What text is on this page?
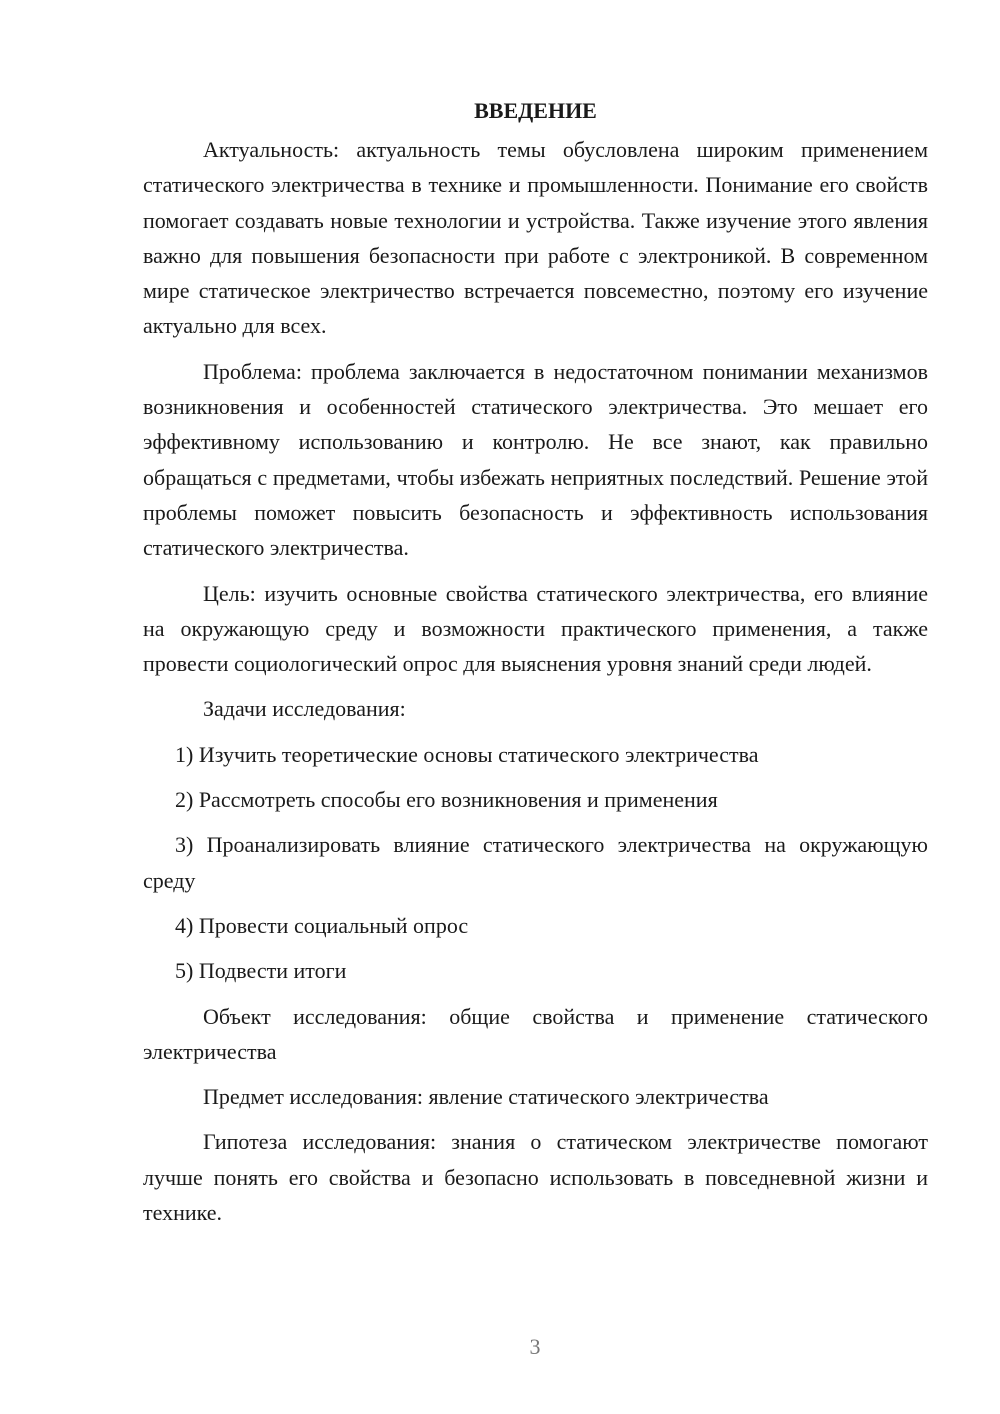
ВВЕДЕНИЕ

Актуальность: актуальность темы обусловлена широким применением статического электричества в технике и промышленности. Понимание его свойств помогает создавать новые технологии и устройства. Также изучение этого явления важно для повышения безопасности при работе с электроникой. В современном мире статическое электричество встречается повсеместно, поэтому его изучение актуально для всех.

Проблема: проблема заключается в недостаточном понимании механизмов возникновения и особенностей статического электричества. Это мешает его эффективному использованию и контролю. Не все знают, как правильно обращаться с предметами, чтобы избежать неприятных последствий. Решение этой проблемы поможет повысить безопасность и эффективность использования статического электричества.

Цель: изучить основные свойства статического электричества, его влияние на окружающую среду и возможности практического применения, а также провести социологический опрос для выяснения уровня знаний среди людей.

Задачи исследования:

1) Изучить теоретические основы статического электричества

2) Рассмотреть способы его возникновения и применения

3) Проанализировать влияние статического электричества на окружающую среду

4) Провести социальный опрос

5) Подвести итоги

Объект исследования: общие свойства и применение статического электричества

Предмет исследования: явление статического электричества

Гипотеза исследования: знания о статическом электричестве помогают лучше понять его свойства и безопасно использовать в повседневной жизни и технике.

3
